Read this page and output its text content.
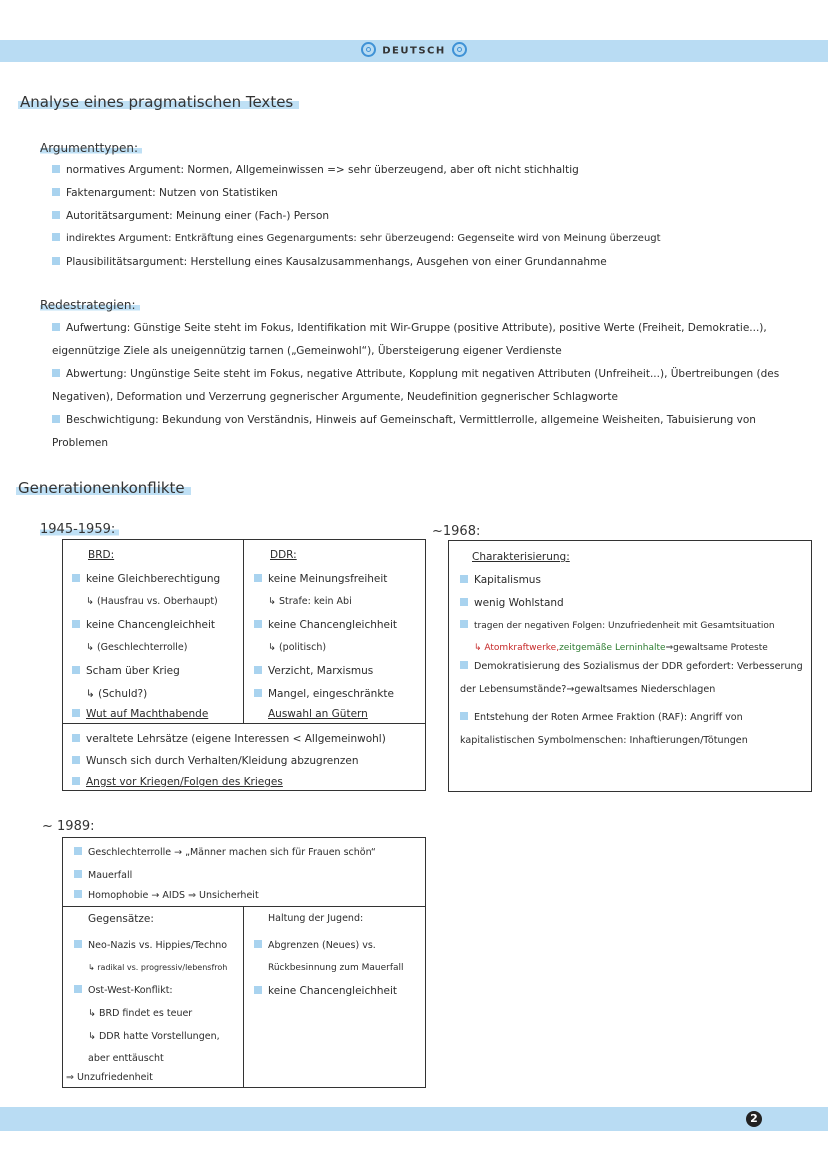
DEUTSCH
2
Analyse eines pragmatischen Textes
Argumenttypen:
normatives Argument: Normen, Allgemeinwissen => sehr überzeugend, aber oft nicht stichhaltig
Faktenargument: Nutzen von Statistiken
Autoritätsargument: Meinung einer (Fach-) Person
indirektes Argument: Entkräftung eines Gegenarguments: sehr überzeugend: Gegenseite wird von Meinung überzeugt
Plausibilitätsargument: Herstellung eines Kausalzusammenhangs, Ausgehen von einer Grundannahme
Redestrategien:
Aufwertung: Günstige Seite steht im Fokus, Identifikation mit Wir-Gruppe (positive Attribute), positive Werte (Freiheit, Demokratie...), eigennützige Ziele als uneigennützig tarnen („Gemeinwohl“), Übersteigerung eigener Verdienste
Abwertung: Ungünstige Seite steht im Fokus, negative Attribute, Kopplung mit negativen Attributen (Unfreiheit...), Übertreibungen (des Negativen), Deformation und Verzerrung gegnerischer Argumente, Neudefinition gegnerischer Schlagworte
Beschwichtigung: Bekundung von Verständnis, Hinweis auf Gemeinschaft, Vermittlerrolle, allgemeine Weisheiten, Tabuisierung von Problemen
Generationenkonflikte
1945-1959:
BRD:	DDR:
keine Gleichberechtigung
↳ (Hausfrau vs. Oberhaupt)
keine Chancengleichheit
↳ (Geschlechterrolle)
Scham über Krieg
↳ (Schuld?)
Wut auf Machthabende
keine Meinungsfreiheit
↳ Strafe: kein Abi
keine Chancengleichheit
↳ (politisch)
Verzicht, Marxismus
Mangel, eingeschränkte
Auswahl an Gütern
veraltete Lehrsätze (eigene Interessen < Allgemeinwohl)
Wunsch sich durch Verhalten/Kleidung abzugrenzen
Angst vor Kriegen/Folgen des Krieges
~1968:
Charakterisierung:
Kapitalismus
wenig Wohlstand
tragen der negativen Folgen: Unzufriedenheit mit Gesamtsituation
↳ Atomkraftwerke,zeitgemäße Lerninhalte⇒gewaltsame Proteste
Demokratisierung des Sozialismus der DDR gefordert: Verbesserung der Lebensumstände?→gewaltsames Niederschlagen
Entstehung der Roten Armee Fraktion (RAF): Angriff von kapitalistischen Symbolmenschen: Inhaftierungen/Tötungen
~ 1989:
Geschlechterrolle → „Männer machen sich für Frauen schön“
Mauerfall
Homophobie → AIDS ⇒ Unsicherheit
Gegensätze:	Haltung der Jugend:
Neo-Nazis vs. Hippies/Techno
↳ radikal vs. progressiv/lebensfroh
Ost-West-Konflikt:
↳ BRD findet es teuer
↳ DDR hatte Vorstellungen,
aber enttäuscht
⇒ Unzufriedenheit
Abgrenzen (Neues) vs.
Rückbesinnung zum Mauerfall
keine Chancengleichheit
